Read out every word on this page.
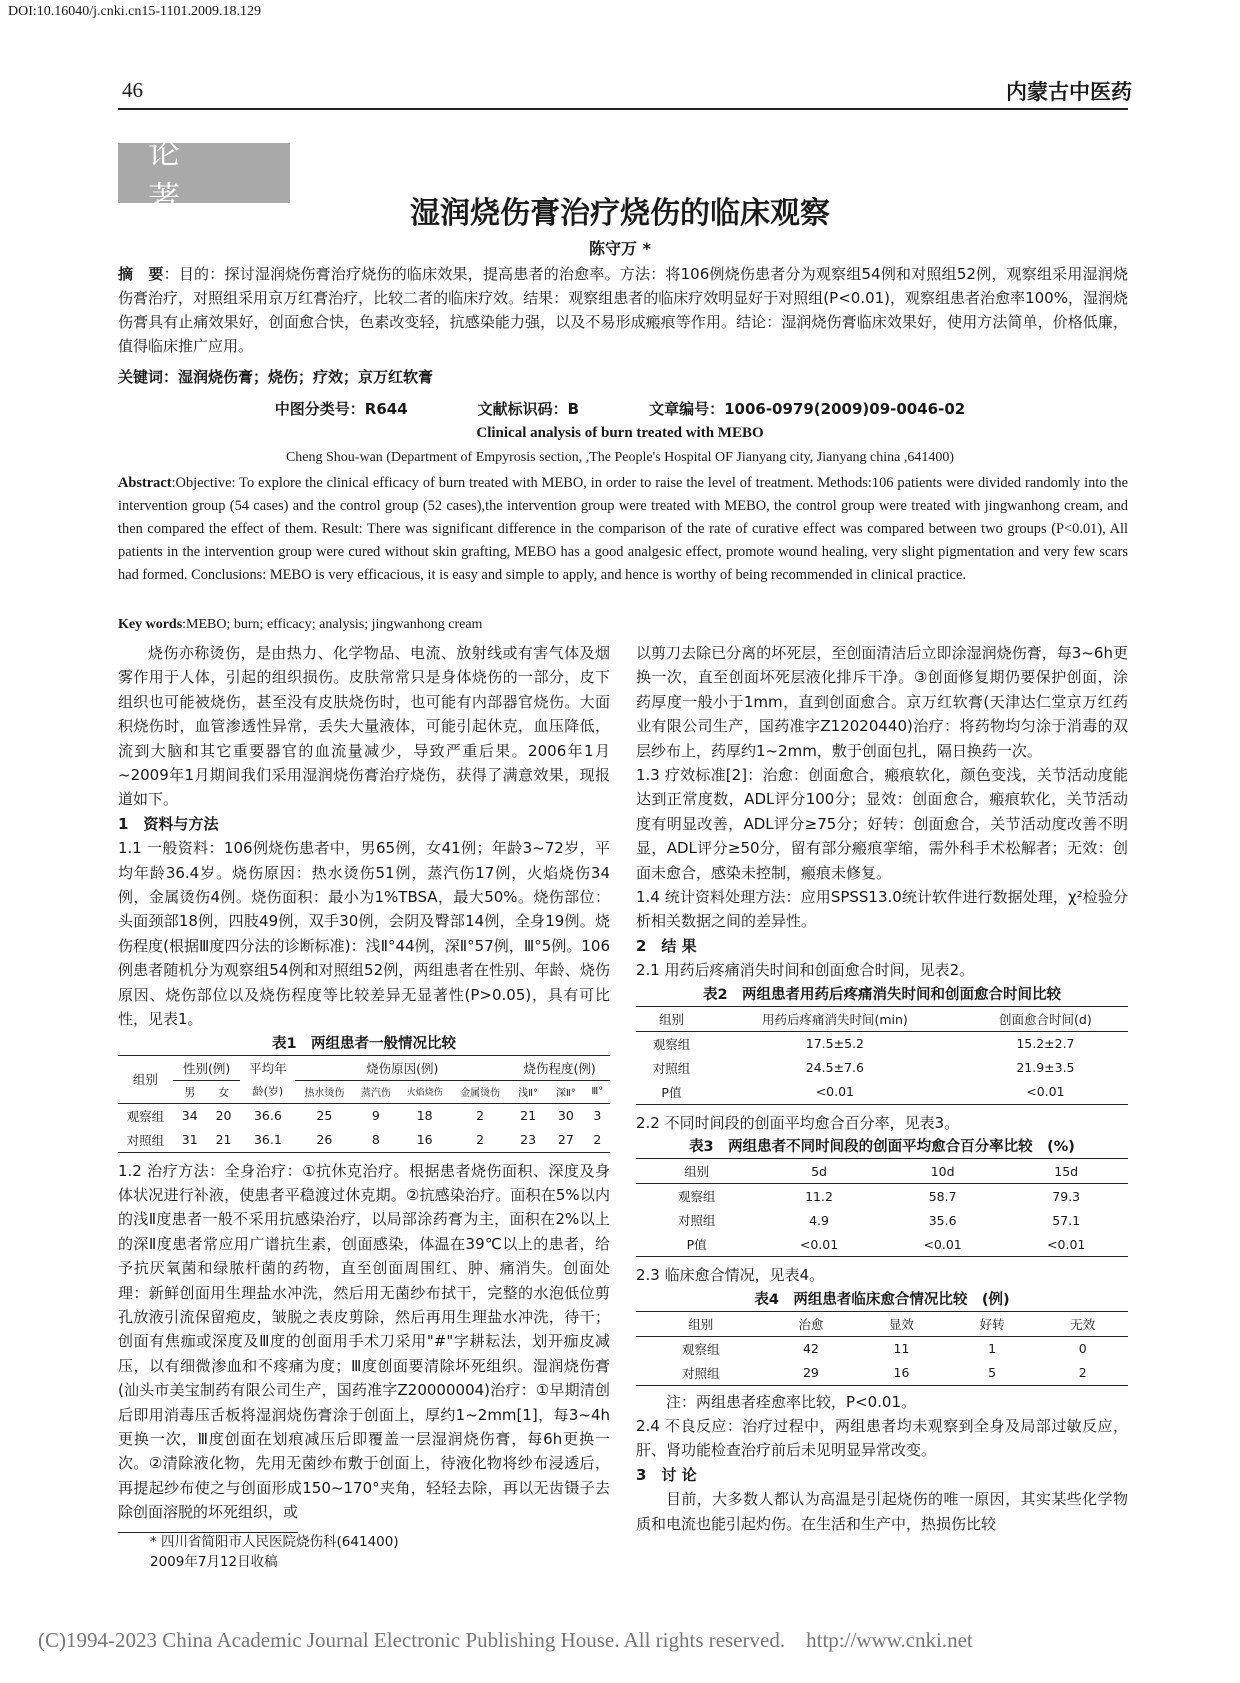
DOI:10.16040/j.cnki.cn15-1101.2009.18.129
46	内蒙古中医药
论 著	湿润烧伤膏治疗烧伤的临床观察
陈守万 *
摘　要：目的：探讨湿润烧伤膏治疗烧伤的临床效果，提高患者的治愈率。方法：将106例烧伤患者分为观察组54例和对照组52例，观察组采用湿润烧伤膏治疗，对照组采用京万红膏治疗，比较二者的临床疗效。结果：观察组患者的临床疗效明显好于对照组(P<0.01)，观察组患者治愈率100%，湿润烧伤膏具有止痛效果好，创面愈合快，色素改变轻，抗感染能力强，以及不易形成瘢痕等作用。结论：湿润烧伤膏临床效果好，使用方法简单，价格低廉，值得临床推广应用。
关键词：湿润烧伤膏；烧伤；疗效；京万红软膏
中图分类号：R644	文献标识码：B	文章编号：1006-0979(2009)09-0046-02
Clinical analysis of burn treated with MEBO
Cheng Shou-wan (Department of Empyrosis section, ,The People's Hospital OF Jianyang city, Jianyang china ,641400)
Abstract:Objective: To explore the clinical efficacy of burn treated with MEBO, in order to raise the level of treatment. Methods:106 patients were divided randomly into the intervention group (54 cases) and the control group (52 cases),the intervention group were treated with MEBO, the control group were treated with jingwanhong cream, and then compared the effect of them. Result: There was significant difference in the comparison of the rate of curative effect was compared between two groups (P<0.01), All patients in the intervention group were cured without skin grafting, MEBO has a good analgesic effect, promote wound healing, very slight pigmentation and very few scars had formed. Conclusions: MEBO is very efficacious, it is easy and simple to apply, and hence is worthy of being recommended in clinical practice.
Key words:MEBO; burn; efficacy; analysis; jingwanhong cream

烧伤亦称烫伤，是由热力、化学物品、电流、放射线或有害气体及烟雾作用于人体，引起的组织损伤。皮肤常常只是身体烧伤的一部分，皮下组织也可能被烧伤，甚至没有皮肤烧伤时，也可能有内部器官烧伤。大面积烧伤时，血管渗透性异常，丢失大量液体，可能引起休克，血压降低，流到大脑和其它重要器官的血流量减少，导致严重后果。2006年1月~2009年1月期间我们采用湿润烧伤膏治疗烧伤，获得了满意效果，现报道如下。

1　资料与方法

1.1 一般资料：106例烧伤患者中，男65例，女41例；年龄3~72岁，平均年龄36.4岁。烧伤原因：热水烫伤51例，蒸汽伤17例，火焰烧伤34例，金属烫伤4例。烧伤面积：最小为1%TBSA，最大50%。烧伤部位：头面颈部18例，四肢49例，双手30例，会阴及臀部14例，全身19例。烧伤程度(根据Ⅲ度四分法的诊断标准)：浅Ⅱ°44例，深Ⅱ°57例，Ⅲ°5例。106例患者随机分为观察组54例和对照组52例，两组患者在性别、年龄、烧伤原因、烧伤部位以及烧伤程度等比较差异无显著性(P>0.05)，具有可比性，见表1。

表1　两组患者一般情况比较

组别	性别(例)		平均年	烧伤原因(例)				烧伤程度(例)		
	男	女	龄(岁)	热水烫伤	蒸汽伤	火焰烧伤	金属烫伤	浅Ⅱ°	深Ⅱ°	Ⅲ°
观察组	34	20	36.6	25	9	18	2	21	30	3
对照组	31	21	36.1	26	8	16	2	23	27	2

1.2 治疗方法：全身治疗：①抗休克治疗。根据患者烧伤面积、深度及身体状况进行补液，使患者平稳渡过休克期。②抗感染治疗。面积在5%以内的浅Ⅱ度患者一般不采用抗感染治疗，以局部涂药膏为主，面积在2%以上的深Ⅱ度患者常应用广谱抗生素，创面感染，体温在39℃以上的患者，给予抗厌氧菌和绿脓杆菌的药物，直至创面周围红、肿、痛消失。创面处理：新鲜创面用生理盐水冲洗，然后用无菌纱布拭干，完整的水泡低位剪孔放液引流保留疱皮，皱脱之表皮剪除，然后再用生理盐水冲洗，待干；创面有焦痂或深度及Ⅲ度的创面用手术刀采用"#"字耕耘法，划开痂皮减压，以有细微渗血和不疼痛为度；Ⅲ度创面要清除坏死组织。湿润烧伤膏(汕头市美宝制药有限公司生产，国药准字Z20000004)治疗：①早期清创后即用消毒压舌板将湿润烧伤膏涂于创面上，厚约1~2mm[1]，每3~4h更换一次，Ⅲ度创面在划痕减压后即覆盖一层湿润烧伤膏，每6h更换一次。②清除液化物，先用无菌纱布敷于创面上，待液化物将纱布浸透后，再提起纱布使之与创面形成150~170°夹角，轻轻去除，再以无齿镊子去除创面溶脱的坏死组织，或

以剪刀去除已分离的坏死层，至创面清洁后立即涂湿润烧伤膏，每3~6h更换一次，直至创面坏死层液化排斥干净。③创面修复期仍要保护创面，涂药厚度一般小于1mm，直到创面愈合。京万红软膏(天津达仁堂京万红药业有限公司生产，国药准字Z12020440)治疗：将药物均匀涂于消毒的双层纱布上，药厚约1~2mm，敷于创面包扎，隔日换药一次。

1.3 疗效标准[2]：治愈：创面愈合，瘢痕软化，颜色变浅，关节活动度能达到正常度数，ADL评分100分；显效：创面愈合，瘢痕软化，关节活动度有明显改善，ADL评分≥75分；好转：创面愈合，关节活动度改善不明显，ADL评分≥50分，留有部分瘢痕挛缩，需外科手术松解者；无效：创面未愈合，感染未控制，瘢痕未修复。

1.4 统计资料处理方法：应用SPSS13.0统计软件进行数据处理，χ²检验分析相关数据之间的差异性。

2　结 果

2.1 用药后疼痛消失时间和创面愈合时间，见表2。

表2　两组患者用药后疼痛消失时间和创面愈合时间比较

组别	用药后疼痛消失时间(min)	创面愈合时间(d)
观察组	17.5±5.2	15.2±2.7
对照组	24.5±7.6	21.9±3.5
P值	<0.01	<0.01

2.2 不同时间段的创面平均愈合百分率，见表3。

表3　两组患者不同时间段的创面平均愈合百分率比较　(%)

组别	5d	10d	15d
观察组	11.2	58.7	79.3
对照组	4.9	35.6	57.1
P值	<0.01	<0.01	<0.01

2.3 临床愈合情况，见表4。

表4　两组患者临床愈合情况比较　(例)

组别	治愈	显效	好转	无效
观察组	42	11	1	0
对照组	29	16	5	2

注：两组患者痊愈率比较，P<0.01。

2.4 不良反应：治疗过程中，两组患者均未观察到全身及局部过敏反应，肝、肾功能检查治疗前后未见明显异常改变。

3　讨 论

目前，大多数人都认为高温是引起烧伤的唯一原因，其实某些化学物质和电流也能引起灼伤。在生活和生产中，热损伤比较

* 四川省简阳市人民医院烧伤科(641400)
2009年7月12日收稿
(C)1994-2023 China Academic Journal Electronic Publishing House. All rights reserved.　http://www.cnki.net
